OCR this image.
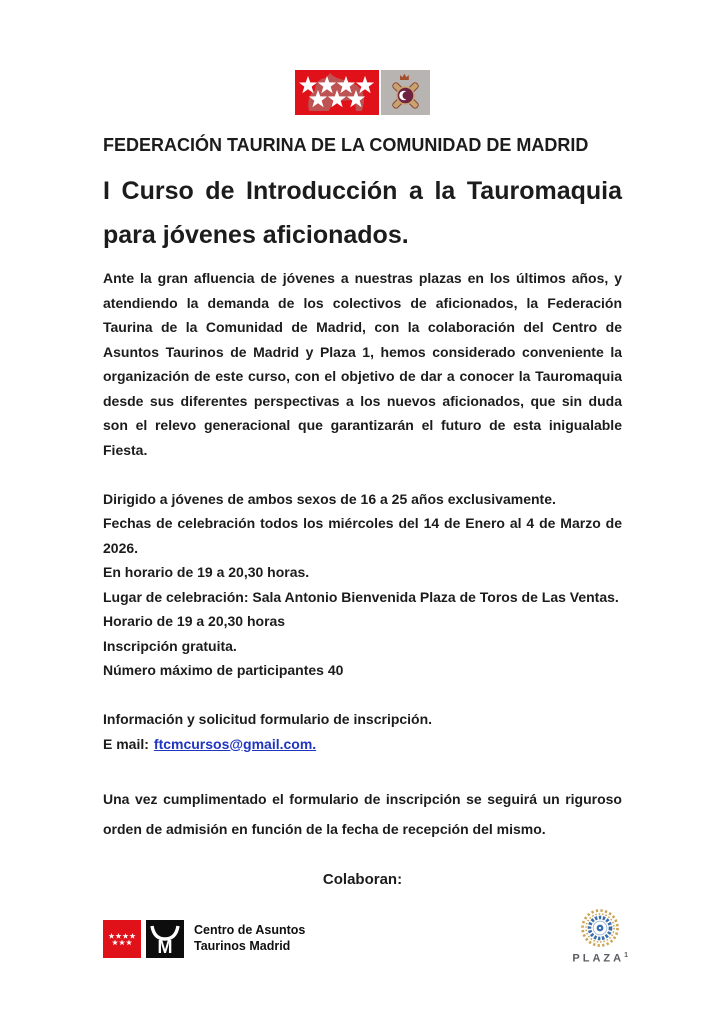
FEDERACIÓN TAURINA DE LA COMUNIDAD DE MADRID
I Curso de Introducción a la Tauromaquia
para jóvenes aficionados.

Ante la gran afluencia de jóvenes a nuestras plazas en los últimos años, y atendiendo la demanda de los colectivos de aficionados, la Federación Taurina de la Comunidad de Madrid, con la colaboración del Centro de Asuntos Taurinos de Madrid y Plaza 1, hemos considerado conveniente la organización de este curso, con el objetivo de dar a conocer la Tauromaquia desde sus diferentes perspectivas a los nuevos aficionados, que sin duda son el relevo generacional que garantizarán el futuro de esta inigualable Fiesta.

Dirigido a jóvenes de ambos sexos de 16 a 25 años exclusivamente.

Fechas de celebración todos los miércoles del 14 de Enero al 4 de Marzo de 2026.

En horario de 19 a 20,30 horas.

Lugar de celebración: Sala Antonio Bienvenida Plaza de Toros de Las Ventas.

Horario de 19 a 20,30 horas

Inscripción gratuita.

Número máximo de participantes 40

Información y solicitud formulario de inscripción.

E mail: ftcmcursos@gmail.com.

Una vez cumplimentado el formulario de inscripción se seguirá un riguroso orden de admisión en función de la fecha de recepción del mismo.

Colaboran:

M
Centro de Asuntos
Taurinos Madrid
PLAZA$^1$
